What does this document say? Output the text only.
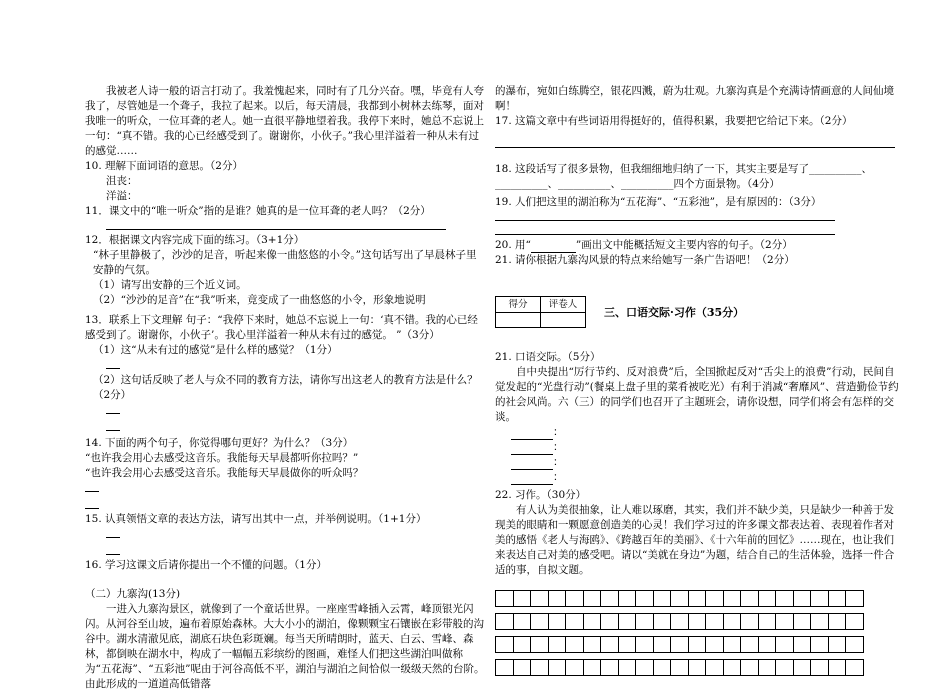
我被老人诗一般的语言打动了。我羞愧起来，同时有了几分兴奋。嘿，毕竟有人夸我了，尽管她是一个聋子，我拉了起来。以后，每天清晨，我都到小树林去练琴，面对我唯一的听众，一位耳聋的老人。她一直很平静地望着我。我停下来时，她总不忘说上一句：“真不错。我的心已经感受到了。谢谢你，小伙子。”我心里洋溢着一种从未有过的感觉……

10. 理解下面词语的意思。（2分）

沮丧：

洋溢：

11．课文中的“唯一听众”指的是谁？她真的是一位耳聋的老人吗？（2分）

12．根据课文内容完成下面的练习。（3+1分）

“林子里静极了，沙沙的足音，听起来像一曲悠悠的小令。”这句话写出了早晨林子里安静的气氛。

（1）请写出安静的三个近义词。

（2）“沙沙的足音”在“我”听来，竟变成了一曲悠悠的小令，形象地说明

13．联系上下文理解 句子：“我停下来时，她总不忘说上一句：‘真不错。我的心已经感受到了。谢谢你，小伙子’。我心里洋溢着一种从未有过的感觉。 ”（3分）

（1）这“从未有过的感觉”是什么样的感觉？（1分）

（2）这句话反映了老人与众不同的教育方法，请你写出这老人的教育方法是什么？（2分）

14. 下面的两个句子，你觉得哪句更好？为什么？（3分）

“也许我会用心去感受这音乐。我能每天早晨都听你拉吗？”

“也许我会用心去感受这音乐。我能每天早晨做你的听众吗？

15. 认真领悟文章的表达方法，请写出其中一点，并举例说明。（1+1分）

16. 学习这课文后请你提出一个不懂的问题。（1分）

（二）九寨沟(13分)

一进入九寨沟景区，就像到了一个童话世界。一座座雪峰插入云霄，峰顶银光闪闪。从河谷至山坡，遍布着原始森林。大大小小的湖泊，像颗颗宝石镶嵌在彩带般的沟谷中。湖水清澈见底，湖底石块色彩斑斓。每当天所晴朗时，蓝天、白云、雪峰、森林，都倒映在湖水中，构成了一幅幅五彩缤纷的图画，难怪人们把这些湖泊叫做称为“五花海”、“五彩池”呢由于河谷高低不平，湖泊与湖泊之间恰似一级级天然的台阶。由此形成的一道道高低错落

的瀑布，宛如白练腾空，银花四溅，蔚为壮观。九寨沟真是个充满诗情画意的人间仙境啊！

17. 这篇文章中有些词语用得挺好的，值得积累，我要把它给记下来。（2分）

18. 这段话写了很多景物，但我细细地归纳了一下，其实主要是写了__________、__________、__________、__________四个方面景物。（4分）

19. 人们把这里的湖泊称为“五花海”、“五彩池”，是有原因的：（3分）

20. 用“	”画出文中能概括短文主要内容的句子。（2分）

21. 请你根据九寨沟风景的特点来给她写一条广告语吧！（2分）

得分	评卷人

三、口语交际·习作（35分）

21. 口语交际。（5分）

自中央提出“厉行节约、反对浪费”后，全国掀起反对“舌尖上的浪费”行动，民间自觉发起的“光盘行动”(餐桌上盘子里的菜肴被吃光）有利于消减“奢靡风”、营造勤俭节约的社会风尚。六（三）的同学们也召开了主题班会，请你设想，同学们将会有怎样的交谈。

：

：

：

：

22. 习作。（30分）

有人认为美很抽象，让人难以琢磨，其实，我们并不缺少美，只是缺少一种善于发现美的眼睛和一颗愿意创造美的心灵！我们学习过的许多课文都表达着、表现着作者对美的感悟《老人与海鸥》、《跨越百年的美丽》、《十六年前的回忆》……现在，也让我们来表达自己对美的感受吧。请以“美就在身边”为题，结合自己的生活体验，选择一件合适的事，自拟文题。
